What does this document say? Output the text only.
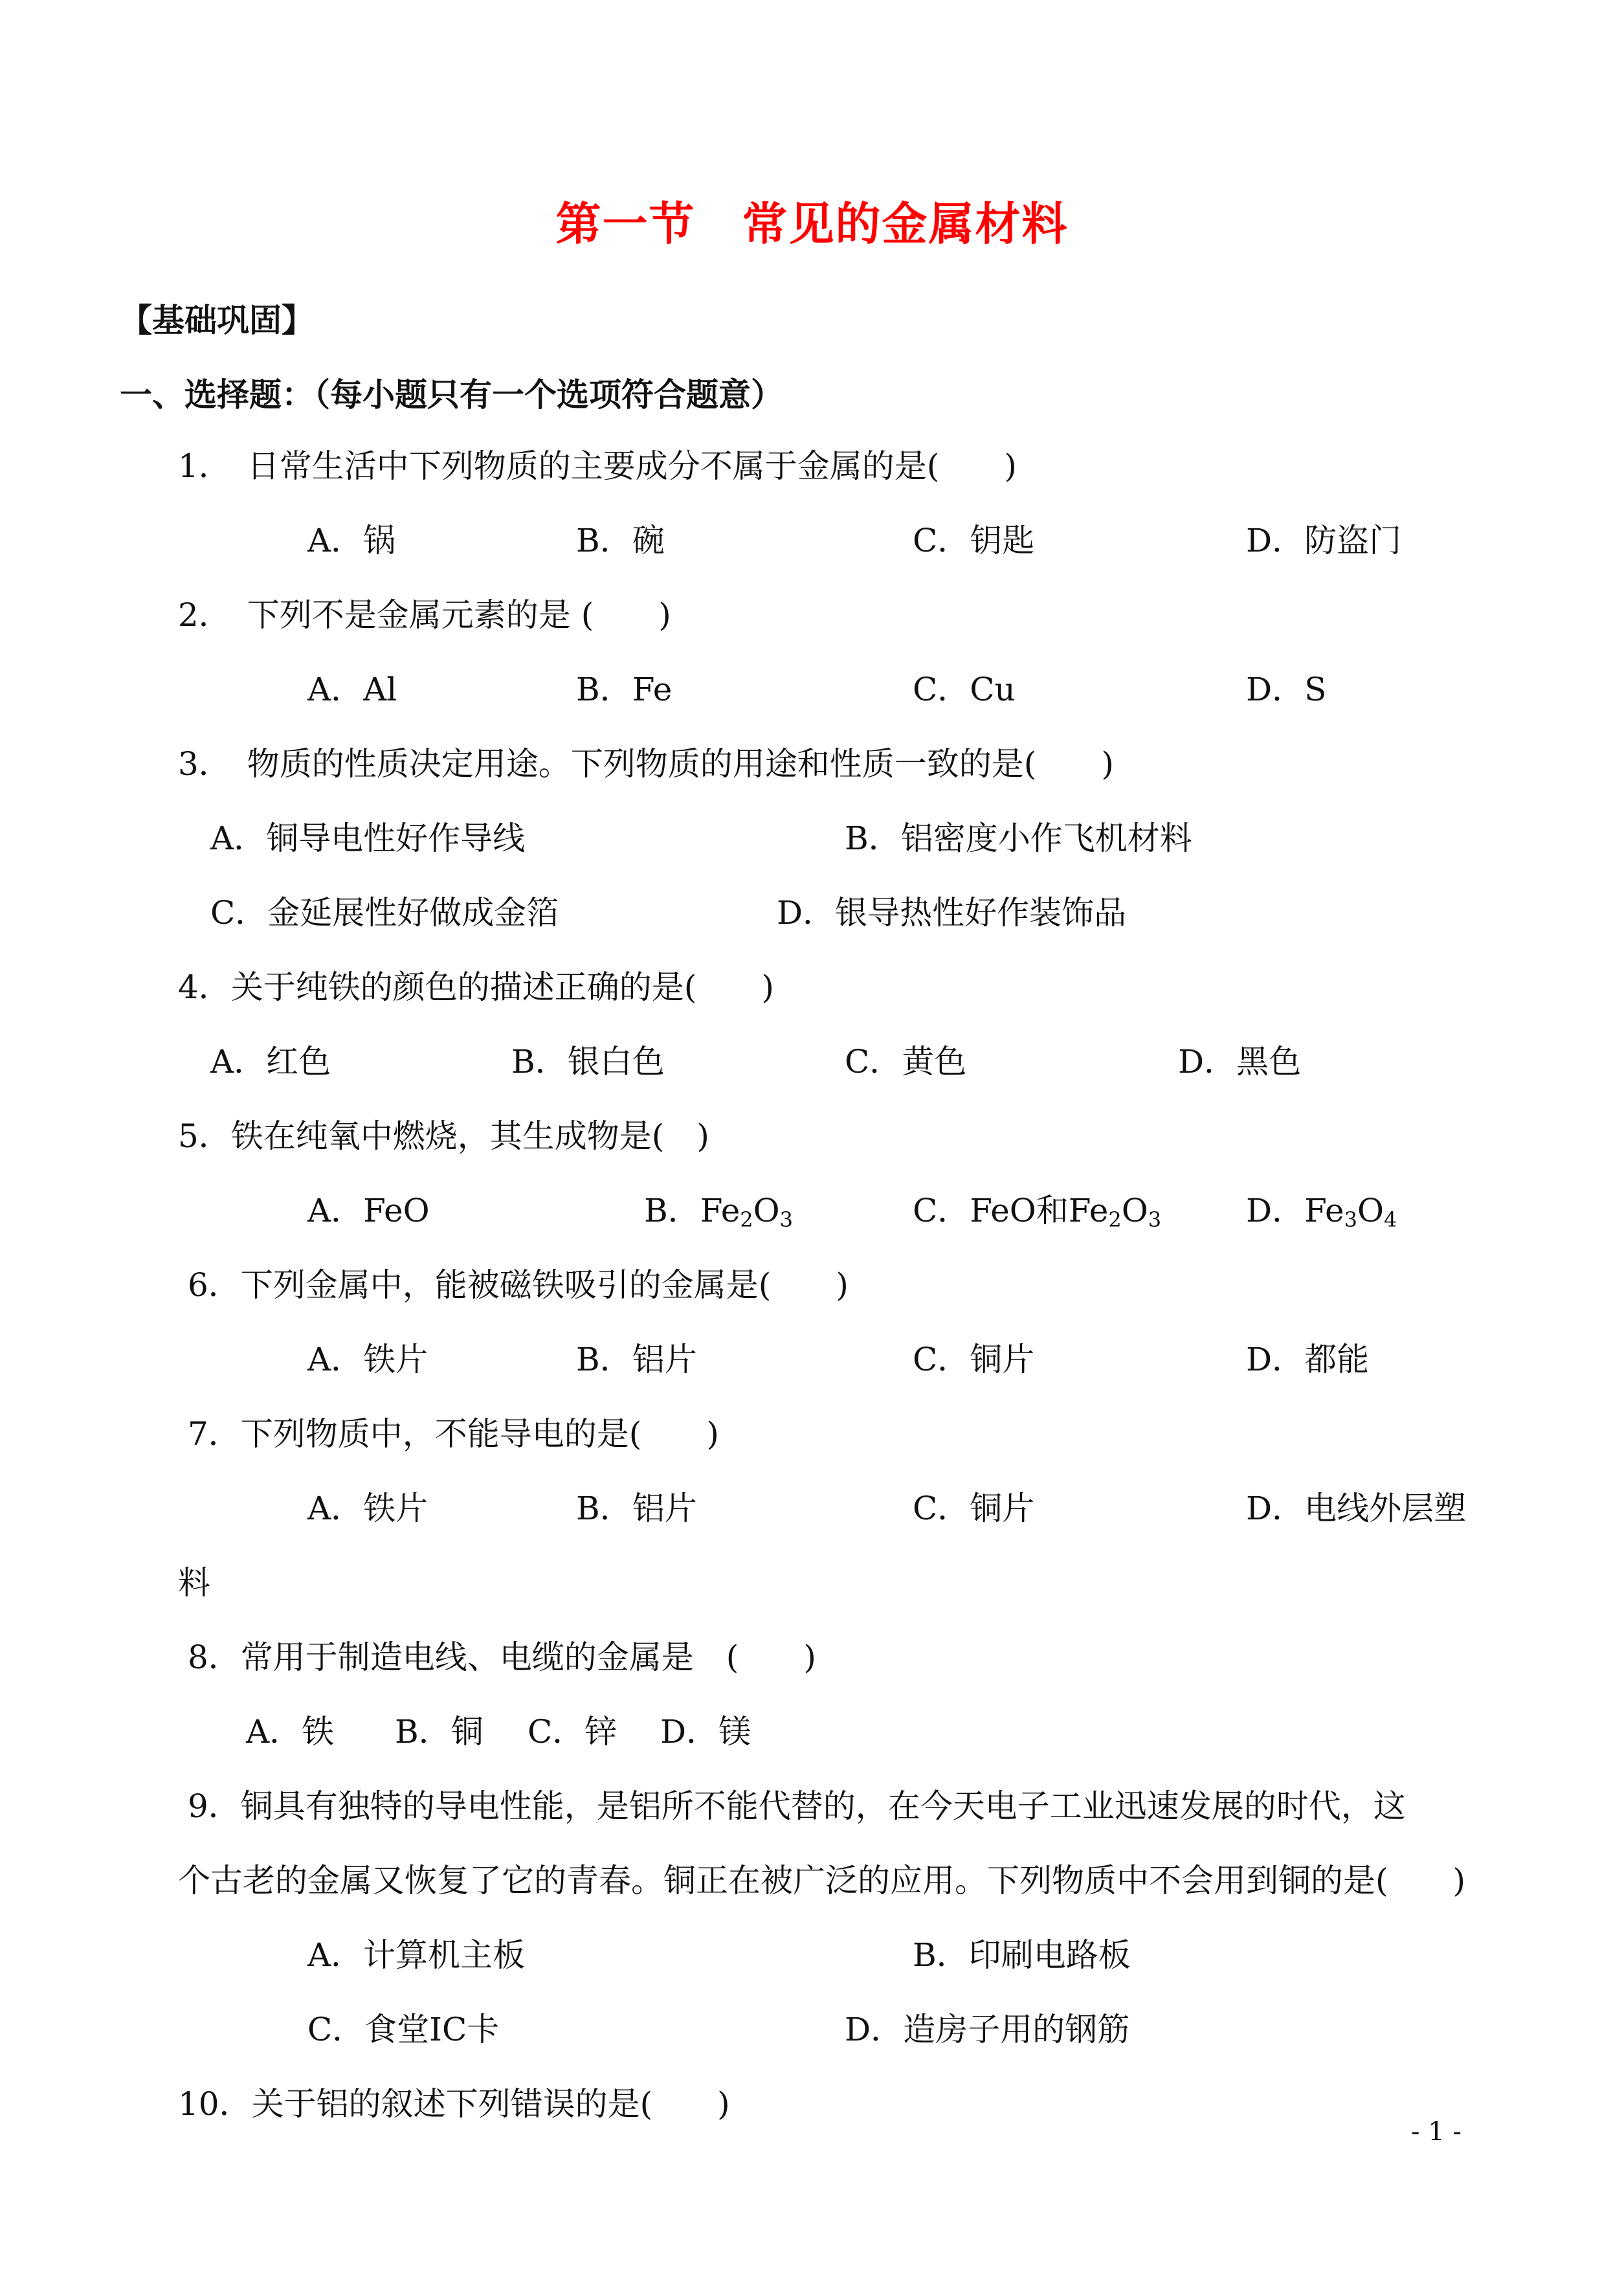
第一节　常见的金属材料
【基础巩固】
一、选择题：（每小题只有一个选项符合题意）
1．　日常生活中下列物质的主要成分不属于金属的是(　　)
A．锅	B．碗	C．钥匙	D．防盗门
2．　下列不是金属元素的是 (　　)
A．Al	B．Fe	C．Cu	D．S
3．　物质的性质决定用途。下列物质的用途和性质一致的是(　　)
A．铜导电性好作导线	B．铝密度小作飞机材料
C．金延展性好做成金箔	D．银导热性好作装饰品
4．关于纯铁的颜色的描述正确的是(　　)
A．红色	B．银白色	C．黄色	D．黑色
5．铁在纯氧中燃烧，其生成物是(　)
A．FeO	B．$Fe_2O_3$	C．FeO和$Fe_2O_3$	D．$Fe_3O_4$
6．下列金属中，能被磁铁吸引的金属是(　　)
A．铁片	B．铝片	C．铜片	D．都能
7．下列物质中，不能导电的是(　　)
A．铁片	B．铝片	C．铜片	D．电线外层塑
料
8．常用于制造电线、电缆的金属是　(　　)
A．铁 B．铜 C．锌 D．镁
9．铜具有独特的导电性能，是铝所不能代替的，在今天电子工业迅速发展的时代，这
个古老的金属又恢复了它的青春。铜正在被广泛的应用。下列物质中不会用到铜的是(　　)
A．计算机主板	B．印刷电路板
C．食堂IC卡	D．造房子用的钢筋
10．关于铝的叙述下列错误的是(　　)
- 1 -
